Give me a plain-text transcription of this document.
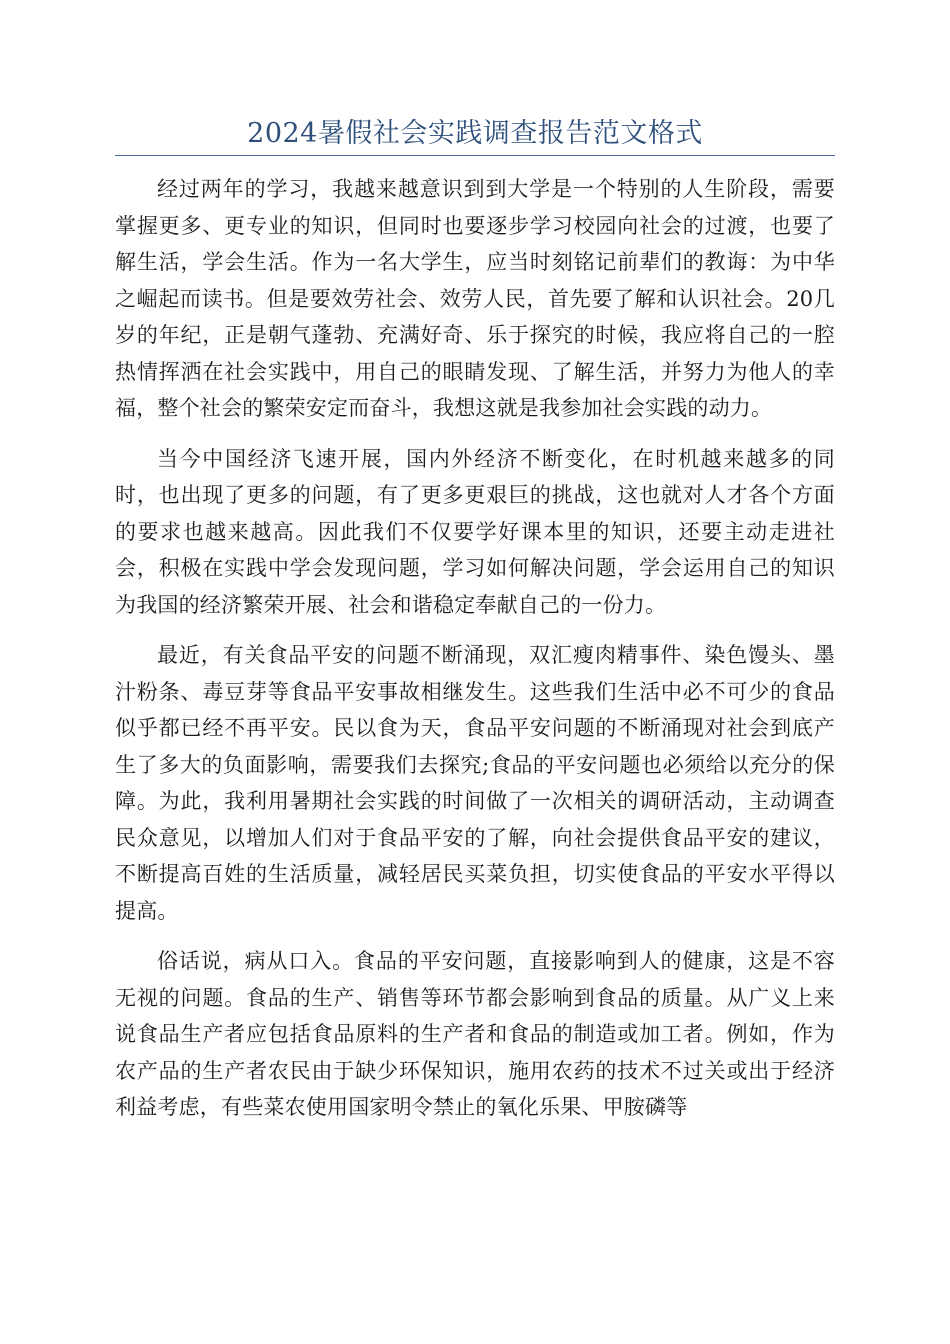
2024暑假社会实践调查报告范文格式

经过两年的学习，我越来越意识到到大学是一个特别的人生阶段，需要掌握更多、更专业的知识，但同时也要逐步学习校园向社会的过渡，也要了解生活，学会生活。作为一名大学生，应当时刻铭记前辈们的教诲：为中华之崛起而读书。但是要效劳社会、效劳人民，首先要了解和认识社会。20几岁的年纪，正是朝气蓬勃、充满好奇、乐于探究的时候，我应将自己的一腔热情挥洒在社会实践中，用自己的眼睛发现、了解生活，并努力为他人的幸福，整个社会的繁荣安定而奋斗，我想这就是我参加社会实践的动力。

当今中国经济飞速开展，国内外经济不断变化，在时机越来越多的同时，也出现了更多的问题，有了更多更艰巨的挑战，这也就对人才各个方面的要求也越来越高。因此我们不仅要学好课本里的知识，还要主动走进社会，积极在实践中学会发现问题，学习如何解决问题，学会运用自己的知识为我国的经济繁荣开展、社会和谐稳定奉献自己的一份力。

最近，有关食品平安的问题不断涌现，双汇瘦肉精事件、染色馒头、墨汁粉条、毒豆芽等食品平安事故相继发生。这些我们生活中必不可少的食品似乎都已经不再平安。民以食为天，食品平安问题的不断涌现对社会到底产生了多大的负面影响，需要我们去探究;食品的平安问题也必须给以充分的保障。为此，我利用暑期社会实践的时间做了一次相关的调研活动，主动调查民众意见，以增加人们对于食品平安的了解，向社会提供食品平安的建议，不断提高百姓的生活质量，减轻居民买菜负担，切实使食品的平安水平得以提高。

俗话说，病从口入。食品的平安问题，直接影响到人的健康，这是不容无视的问题。食品的生产、销售等环节都会影响到食品的质量。从广义上来说食品生产者应包括食品原料的生产者和食品的制造或加工者。例如，作为农产品的生产者农民由于缺少环保知识，施用农药的技术不过关或出于经济利益考虑，有些菜农使用国家明令禁止的氧化乐果、甲胺磷等
